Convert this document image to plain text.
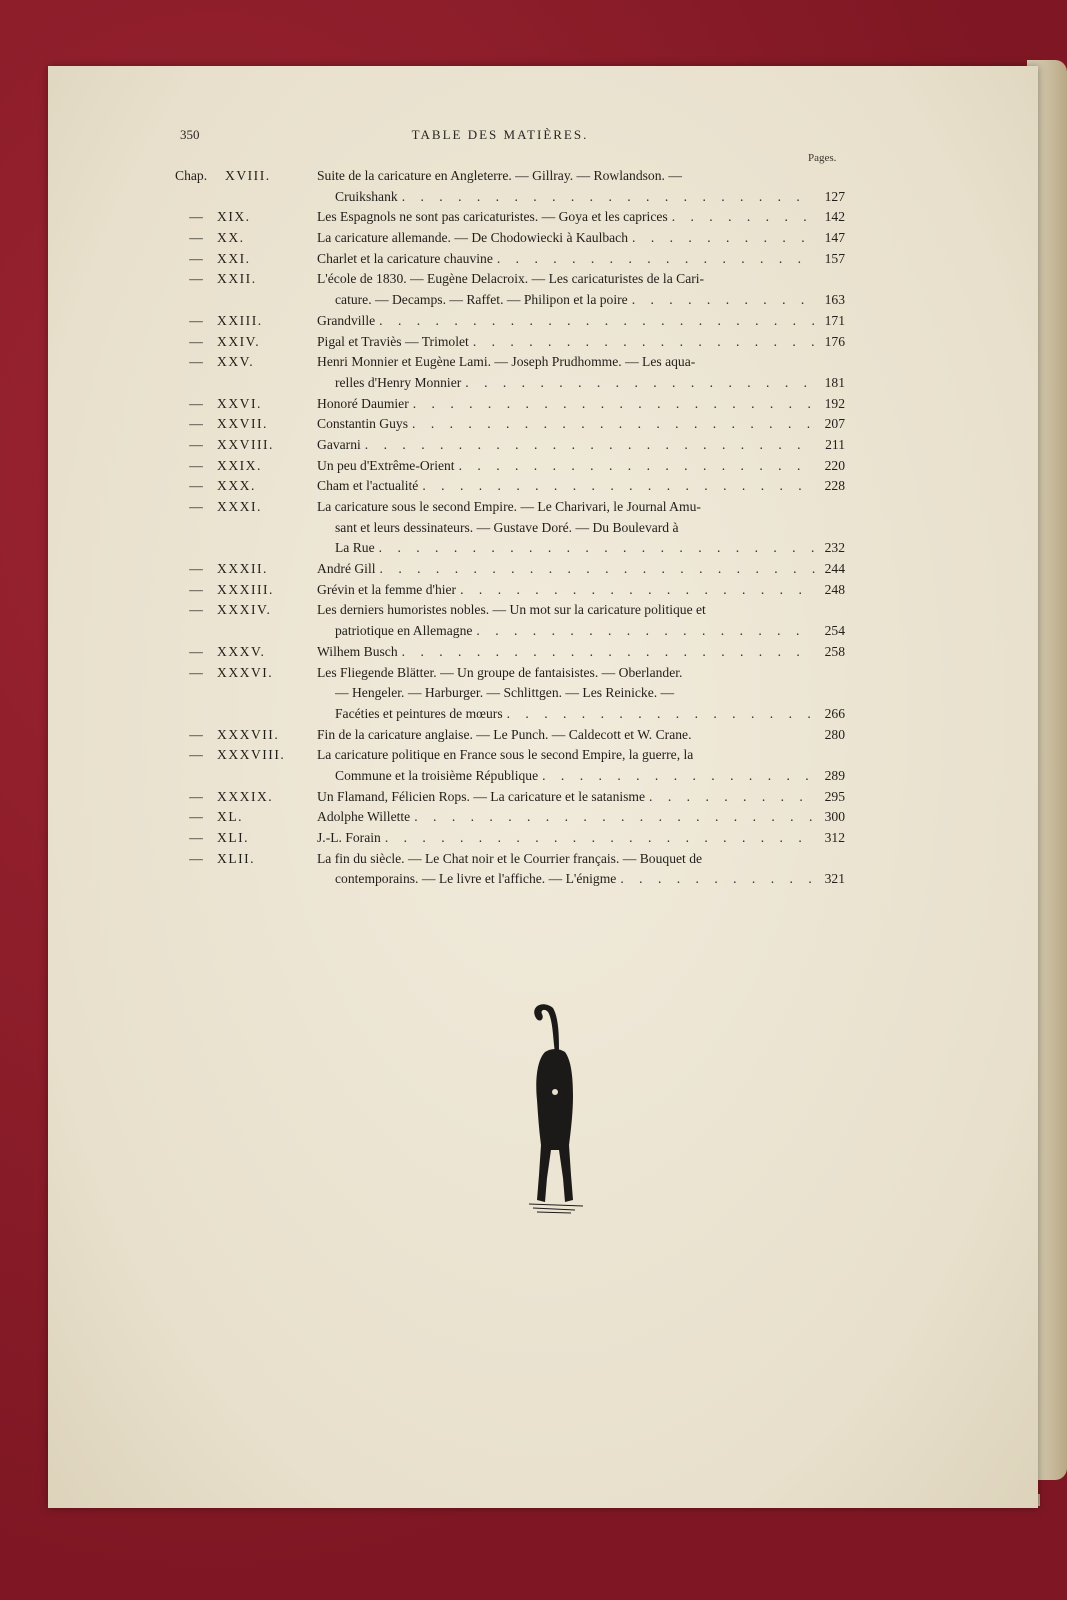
350	TABLE DES MATIÈRES.
Pages.
Chap. XVIII.	Suite de la caricature en Angleterre. — Gillray. — Rowlandson. —
Cruikshank . . .	127
— XIX.	Les Espagnols ne sont pas caricaturistes. — Goya et les caprices . . .	142
— XX.	La caricature allemande. — De Chodowiecki à Kaulbach . . .	147
— XXI.	Charlet et la caricature chauvine . . .	157
— XXII.	L'école de 1830. — Eugène Delacroix. — Les caricaturistes de la Cari-
cature. — Decamps. — Raffet. — Philipon et la poire . . .	163
— XXIII.	Grandville . . .	171
— XXIV.	Pigal et Traviès — Trimolet . . .	176
— XXV.	Henri Monnier et Eugène Lami. — Joseph Prudhomme. — Les aqua-
relles d'Henry Monnier . . .	181
— XXVI.	Honoré Daumier . . .	192
— XXVII.	Constantin Guys . . .	207
— XXVIII.	Gavarni . . .	211
— XXIX.	Un peu d'Extrême-Orient . . .	220
— XXX.	Cham et l'actualité . . .	228
— XXXI.	La caricature sous le second Empire. — Le Charivari, le Journal Amu-
sant et leurs dessinateurs. — Gustave Doré. — Du Boulevard à
La Rue . . .	232
— XXXII.	André Gill . . .	244
— XXXIII.	Grévin et la femme d'hier . . .	248
— XXXIV.	Les derniers humoristes nobles. — Un mot sur la caricature politique et
patriotique en Allemagne . . .	254
— XXXV.	Wilhem Busch . . .	258
— XXXVI.	Les Fliegende Blätter. — Un groupe de fantaisistes. — Oberlander.
— Hengeler. — Harburger. — Schlittgen. — Les Reinicke. —
Facéties et peintures de mœurs . . .	266
— XXXVII.	Fin de la caricature anglaise. — Le Punch. — Caldecott et W. Crane.	280
— XXXVIII.	La caricature politique en France sous le second Empire, la guerre, la
Commune et la troisième République . . .	289
— XXXIX.	Un Flamand, Félicien Rops. — La caricature et le satanisme . . .	295
— XL.	Adolphe Willette . . .	300
— XLI.	J.-L. Forain . . .	312
— XLII.	La fin du siècle. — Le Chat noir et le Courrier français. — Bouquet de
contemporains. — Le livre et l'affiche. — L'énigme . . .	321
